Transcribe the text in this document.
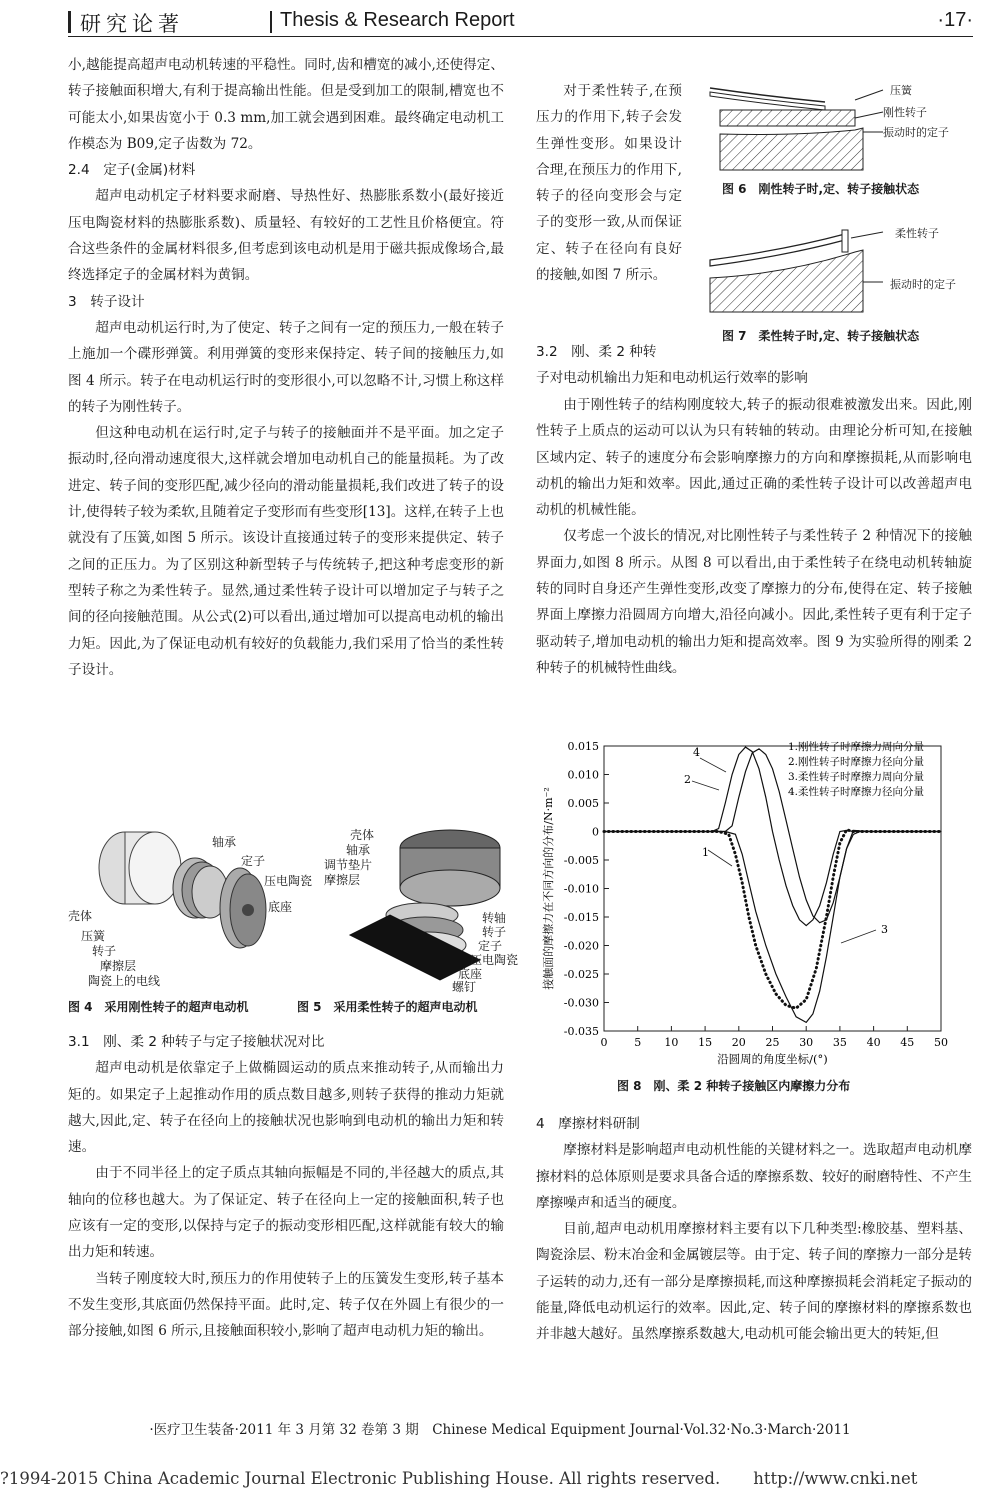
研究论著	Thesis & Research Report	·17·

小,越能提高超声电动机转速的平稳性。同时,齿和槽宽的减小,还使得定、转子接触面积增大,有利于提高输出性能。但是受到加工的限制,槽宽也不可能太小,如果齿宽小于 0.3 mm,加工就会遇到困难。最终确定电动机工作模态为 B09,定子齿数为 72。

2.4　定子(金属)材料

超声电动机定子材料要求耐磨、导热性好、热膨胀系数小(最好接近压电陶瓷材料的热膨胀系数)、质量轻、有较好的工艺性且价格便宜。符合这些条件的金属材料很多,但考虑到该电动机是用于磁共振成像场合,最终选择定子的金属材料为黄铜。

3　转子设计

超声电动机运行时,为了使定、转子之间有一定的预压力,一般在转子上施加一个碟形弹簧。利用弹簧的变形来保持定、转子间的接触压力,如图 4 所示。转子在电动机运行时的变形很小,可以忽略不计,习惯上称这样的转子为刚性转子。

但这种电动机在运行时,定子与转子的接触面并不是平面。加之定子振动时,径向滑动速度很大,这样就会增加电动机自己的能量损耗。为了改进定、转子间的变形匹配,减少径向的滑动能量损耗,我们改进了转子的设计,使得转子较为柔软,且随着定子变形而有些变形[13]。这样,在转子上也就没有了压簧,如图 5 所示。该设计直接通过转子的变形来提供定、转子之间的正压力。为了区别这种新型转子与传统转子,把这种考虑变形的新型转子称之为柔性转子。显然,通过柔性转子设计可以增加定子与转子之间的径向接触范围。从公式(2)可以看出,通过增加可以提高电动机的输出力矩。因此,为了保证电动机有较好的负载能力,我们采用了恰当的柔性转子设计。

3.1　刚、柔 2 种转子与定子接触状况对比

超声电动机是依靠定子上做椭圆运动的质点来推动转子,从而输出力矩的。如果定子上起推动作用的质点数目越多,则转子获得的推动力矩就越大,因此,定、转子在径向上的接触状况也影响到电动机的输出力矩和转速。

由于不同半径上的定子质点其轴向振幅是不同的,半径越大的质点,其轴向的位移也越大。为了保证定、转子在径向上一定的接触面积,转子也应该有一定的变形,以保持与定子的振动变形相匹配,这样就能有较大的输出力矩和转速。

当转子刚度较大时,预压力的作用使转子上的压簧发生变形,转子基本不发生变形,其底面仍然保持平面。此时,定、转子仅在外圆上有很少的一部分接触,如图 6 所示,且接触面积较小,影响了超声电动机力矩的输出。

对于柔性转子,在预压力的作用下,转子会发生弹性变形。如果设计合理,在预压力的作用下,转子的径向变形会与定子的变形一致,从而保证定、转子在径向有良好的接触,如图 7 所示。

3.2　刚、柔 2 种转
子对电动机输出力矩和电动机运行效率的影响

由于刚性转子的结构刚度较大,转子的振动很难被激发出来。因此,刚性转子上质点的运动可以认为只有转轴的转动。由理论分析可知,在接触区域内定、转子的速度分布会影响摩擦力的方向和摩擦损耗,从而影响电动机的输出力矩和效率。因此,通过正确的柔性转子设计可以改善超声电动机的机械性能。

仅考虑一个波长的情况,对比刚性转子与柔性转子 2 种情况下的接触界面力,如图 8 所示。从图 8 可以看出,由于柔性转子在绕电动机转轴旋转的同时自身还产生弹性变形,改变了摩擦力的分布,使得在定、转子接触界面上摩擦力沿圆周方向增大,沿径向减小。因此,柔性转子更有利于定子驱动转子,增加电动机的输出力矩和提高效率。图 9 为实验所得的刚柔 2 种转子的机械特性曲线。

4　摩擦材料研制

摩擦材料是影响超声电动机性能的关键材料之一。选取超声电动机摩擦材料的总体原则是要求具备合适的摩擦系数、较好的耐磨特性、不产生摩擦噪声和适当的硬度。

目前,超声电动机用摩擦材料主要有以下几种类型:橡胶基、塑料基、陶瓷涂层、粉末冶金和金属镀层等。由于定、转子间的摩擦力一部分是转子运转的动力,还有一部分是摩擦损耗,而这种摩擦损耗会消耗定子振动的能量,降低电动机运行的效率。因此,定、转子间的摩擦材料的摩擦系数也并非越大越好。虽然摩擦系数越大,电动机可能会输出更大的转矩,但

压簧
刚性转子
振动时的定子
图 6　刚性转子时,定、转子接触状态
柔性转子
振动时的定子
图 7　柔性转子时,定、转子接触状态
轴承
定子
压电陶瓷
底座
壳体
压簧
转子
摩擦层
陶瓷上的电线
壳体
轴承
调节垫片
摩擦层
转轴
转子
定子
压电陶瓷
底座
螺钉
图 4　采用刚性转子的超声电动机	图 5　采用柔性转子的超声电动机
0.015
0.010
0.005
0
-0.005
-0.010
-0.015
-0.020
-0.025
-0.030
-0.035
0 5 10 15 20 25 30 35 40 45 50
沿圆周的角度坐标/(°)
接触面的摩擦力在不同方向的分布/N·m⁻²
1.刚性转子时摩擦力周向分量
2.刚性转子时摩擦力径向分量
3.柔性转子时摩擦力周向分量
4.柔性转子时摩擦力径向分量
1
2
3
4
图 8　刚、柔 2 种转子接触区内摩擦力分布
·医疗卫生装备·2011 年 3 月第 32 卷第 3 期　Chinese Medical Equipment Journal·Vol.32·No.3·March·2011
?1994-2015 China Academic Journal Electronic Publishing House. All rights reserved.　　http://www.cnki.net
